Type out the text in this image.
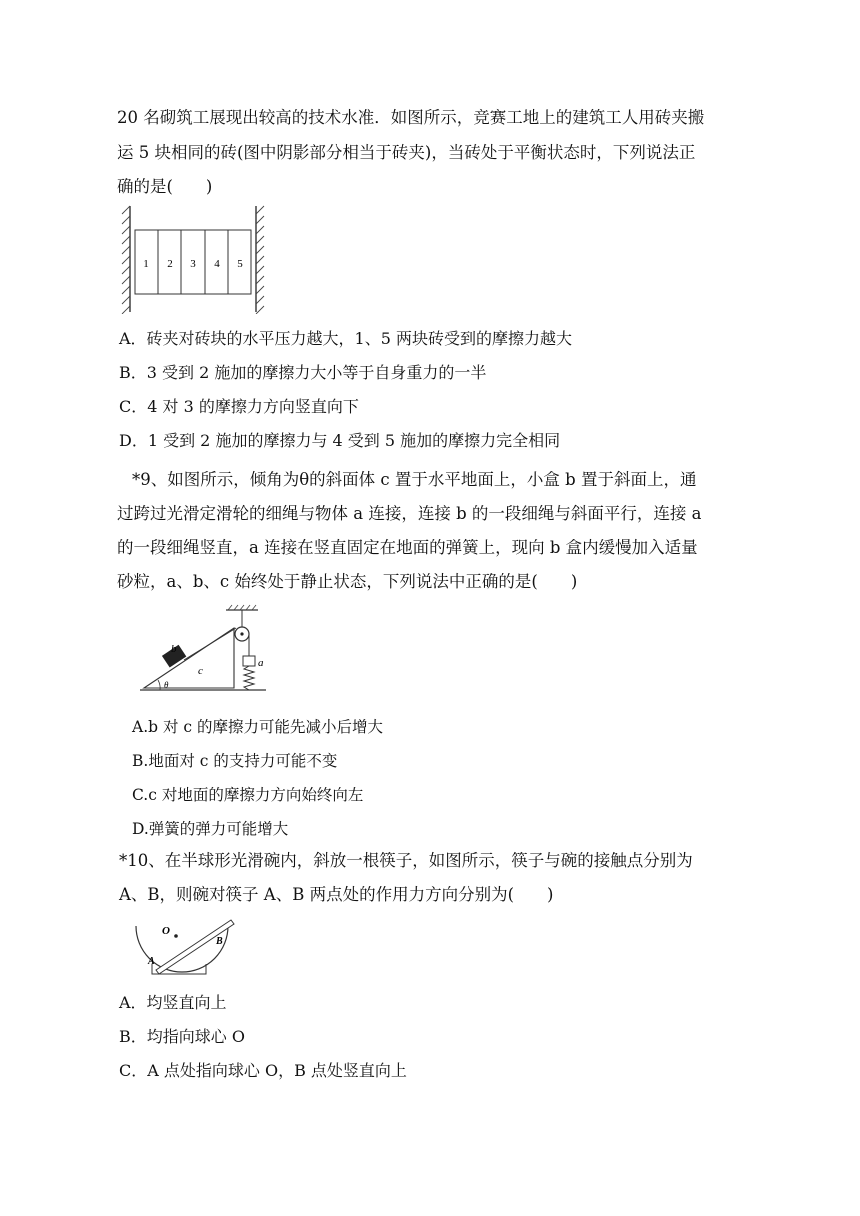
20 名砌筑工展现出较高的技术水准．如图所示，竞赛工地上的建筑工人用砖夹搬
运 5 块相同的砖(图中阴影部分相当于砖夹)，当砖处于平衡状态时，下列说法正
确的是(　　)
1 2 3 4 5
A．砖夹对砖块的水平压力越大，1、5 两块砖受到的摩擦力越大
B．3 受到 2 施加的摩擦力大小等于自身重力的一半
C．4 对 3 的摩擦力方向竖直向下
D．1 受到 2 施加的摩擦力与 4 受到 5 施加的摩擦力完全相同
*9、如图所示，倾角为θ的斜面体 c 置于水平地面上，小盒 b 置于斜面上，通
过跨过光滑定滑轮的细绳与物体 a 连接，连接 b 的一段细绳与斜面平行，连接 a
的一段细绳竖直，a 连接在竖直固定在地面的弹簧上，现向 b 盒内缓慢加入适量
砂粒，a、b、c 始终处于静止状态，下列说法中正确的是(　　)
b
c
a
θ
A.b 对 c 的摩擦力可能先减小后增大
B.地面对 c 的支持力可能不变
C.c 对地面的摩擦力方向始终向左
D.弹簧的弹力可能增大
*10、在半球形光滑碗内，斜放一根筷子，如图所示，筷子与碗的接触点分别为
A、B，则碗对筷子 A、B 两点处的作用力方向分别为(　　)
O
A
B
A．均竖直向上
B．均指向球心 O
C．A 点处指向球心 O，B 点处竖直向上
